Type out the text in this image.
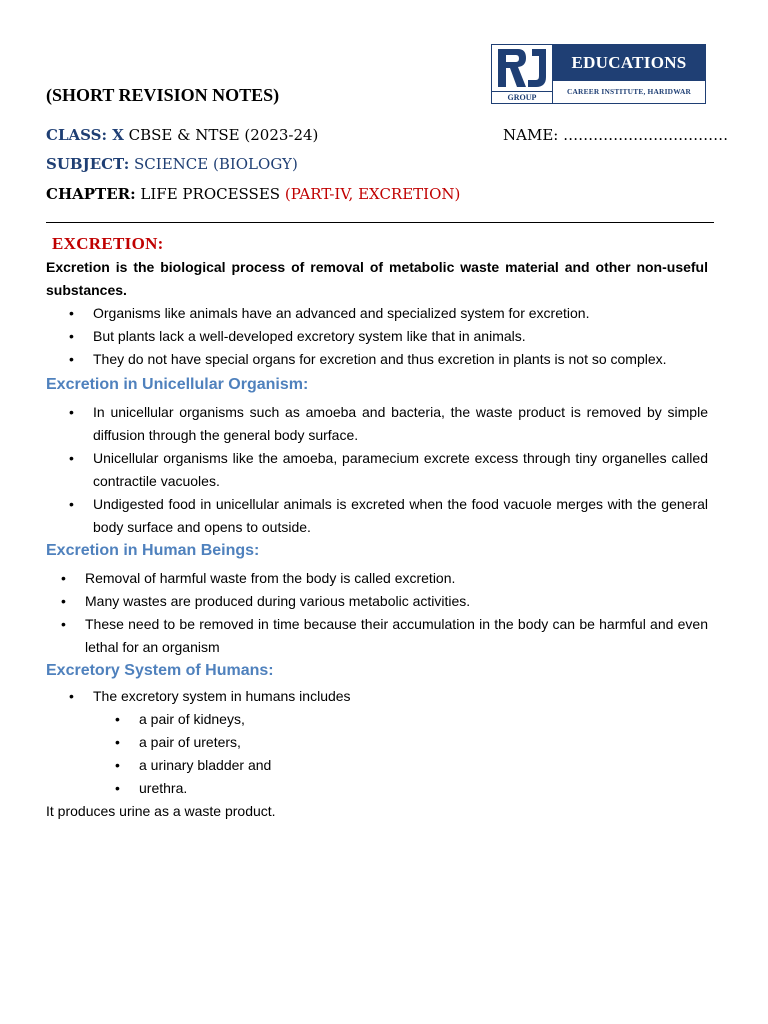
GROUP
EDUCATIONS
CAREER INSTITUTE, HARIDWAR
(SHORT REVISION NOTES)
CLASS: X CBSE & NTSE (2023-24)	NAME: ……………………………
SUBJECT: SCIENCE (BIOLOGY)
CHAPTER: LIFE PROCESSES (PART-IV, EXCRETION)
EXCRETION:

Excretion is the biological process of removal of metabolic waste material and other non-useful substances.

• Organisms like animals have an advanced and specialized system for excretion.
• But plants lack a well-developed excretory system like that in animals.
• They do not have special organs for excretion and thus excretion in plants is not so complex.
Excretion in Unicellular Organism:
• In unicellular organisms such as amoeba and bacteria, the waste product is removed by simple diffusion through the general body surface.
• Unicellular organisms like the amoeba, paramecium excrete excess through tiny organelles called contractile vacuoles.
• Undigested food in unicellular animals is excreted when the food vacuole merges with the general body surface and opens to outside.
Excretion in Human Beings:
• Removal of harmful waste from the body is called excretion.
• Many wastes are produced during various metabolic activities.
• These need to be removed in time because their accumulation in the body can be harmful and even lethal for an organism
Excretory System of Humans:
• The excretory system in humans includes
• a pair of kidneys,
• a pair of ureters,
• a urinary bladder and
• urethra.

It produces urine as a waste product.
